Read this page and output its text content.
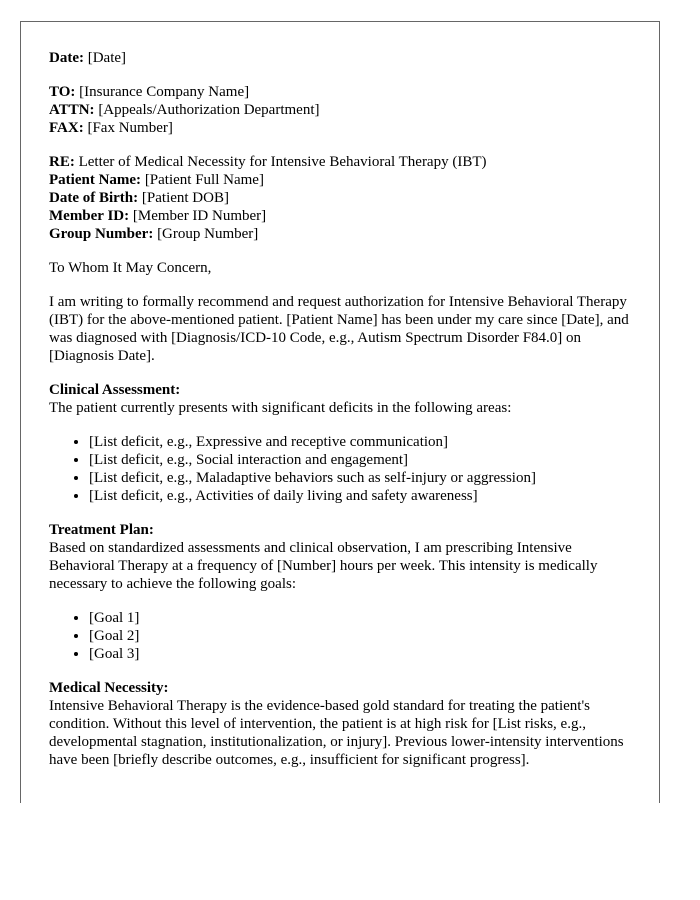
Date: [Date]
TO: [Insurance Company Name]
ATTN: [Appeals/Authorization Department]
FAX: [Fax Number]
RE: Letter of Medical Necessity for Intensive Behavioral Therapy (IBT)
Patient Name: [Patient Full Name]
Date of Birth: [Patient DOB]
Member ID: [Member ID Number]
Group Number: [Group Number]

To Whom It May Concern,

I am writing to formally recommend and request authorization for Intensive Behavioral Therapy (IBT) for the above-mentioned patient. [Patient Name] has been under my care since [Date], and was diagnosed with [Diagnosis/ICD-10 Code, e.g., Autism Spectrum Disorder F84.0] on [Diagnosis Date].

Clinical Assessment:
The patient currently presents with significant deficits in the following areas:
• [List deficit, e.g., Expressive and receptive communication]
• [List deficit, e.g., Social interaction and engagement]
• [List deficit, e.g., Maladaptive behaviors such as self-injury or aggression]
• [List deficit, e.g., Activities of daily living and safety awareness]
Treatment Plan:
Based on standardized assessments and clinical observation, I am prescribing Intensive Behavioral Therapy at a frequency of [Number] hours per week. This intensity is medically necessary to achieve the following goals:
• [Goal 1]
• [Goal 2]
• [Goal 3]
Medical Necessity:
Intensive Behavioral Therapy is the evidence-based gold standard for treating the patient's condition. Without this level of intervention, the patient is at high risk for [List risks, e.g., developmental stagnation, institutionalization, or injury]. Previous lower-intensity interventions have been [briefly describe outcomes, e.g., insufficient for significant progress].
